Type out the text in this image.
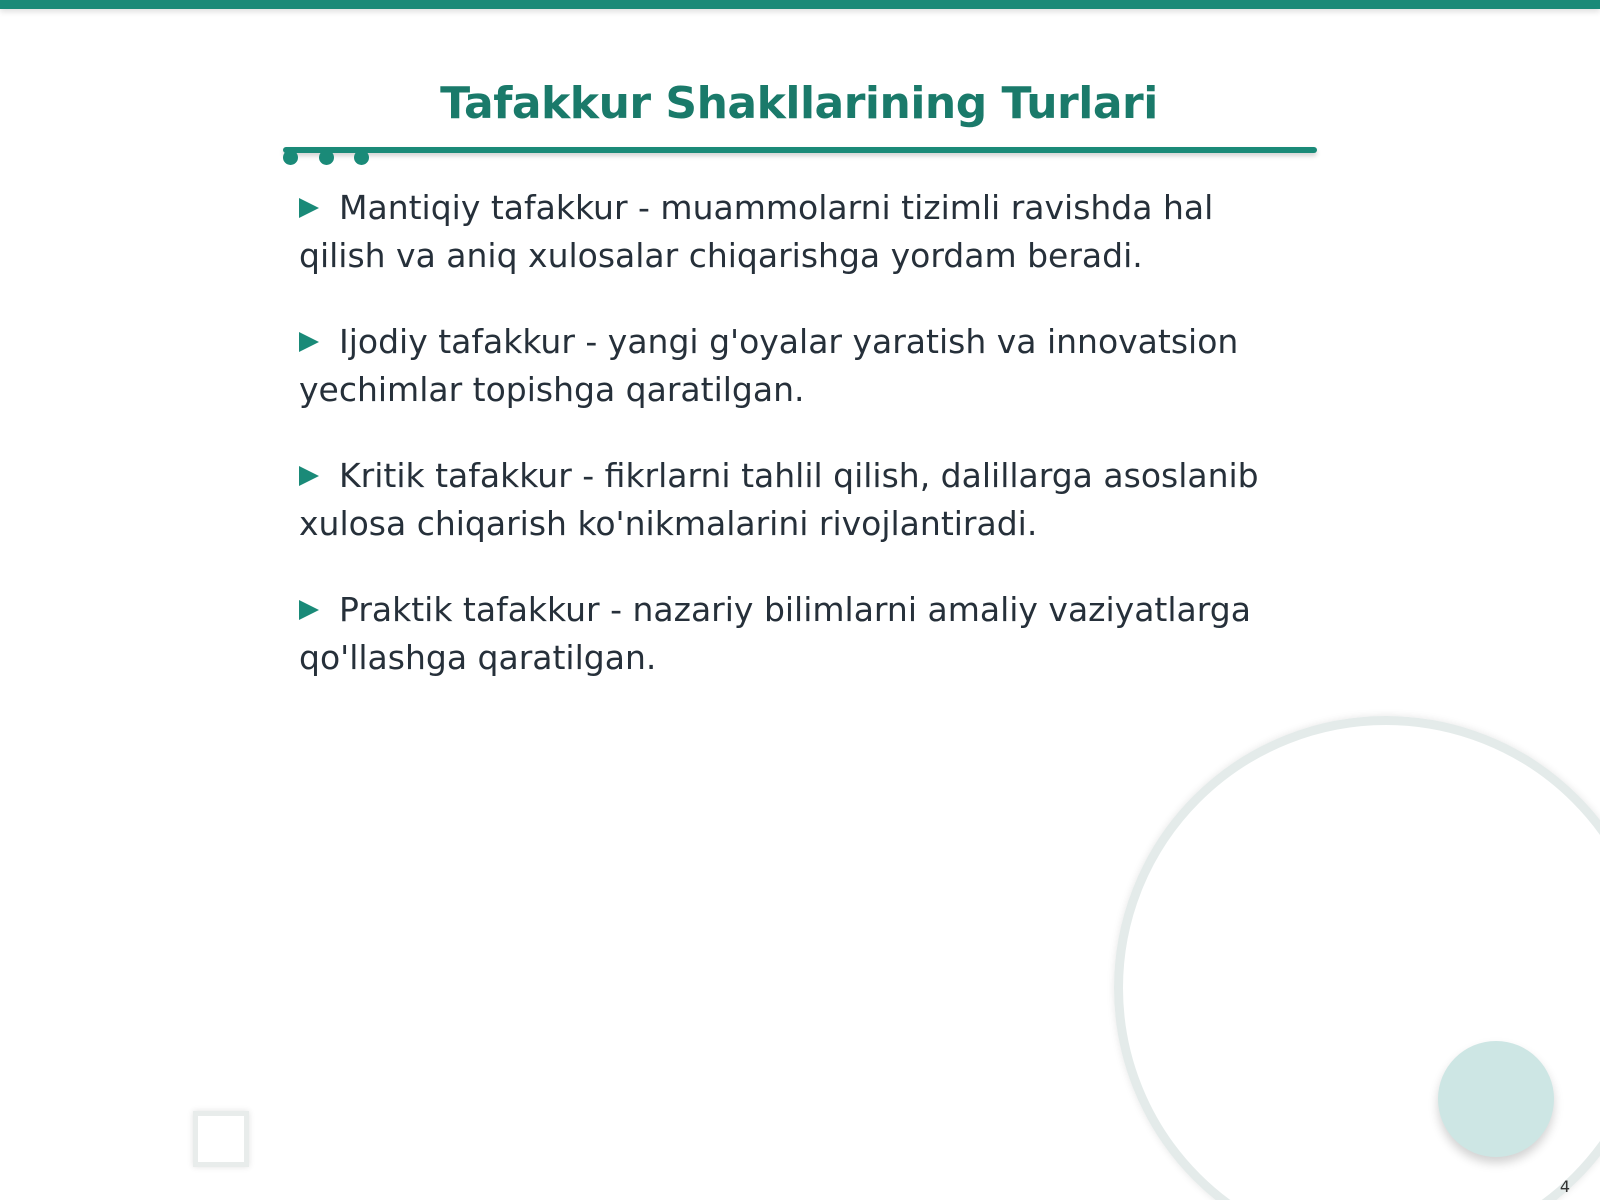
Tafakkur Shakllarining Turlari
Mantiqiy tafakkur - muammolarni tizimli ravishda hal qilish va aniq xulosalar chiqarishga yordam beradi.
Ijodiy tafakkur - yangi g'oyalar yaratish va innovatsion yechimlar topishga qaratilgan.
Kritik tafakkur - fikrlarni tahlil qilish, dalillarga asoslanib xulosa chiqarish ko'nikmalarini rivojlantiradi.
Praktik tafakkur - nazariy bilimlarni amaliy vaziyatlarga qo'llashga qaratilgan.
4
